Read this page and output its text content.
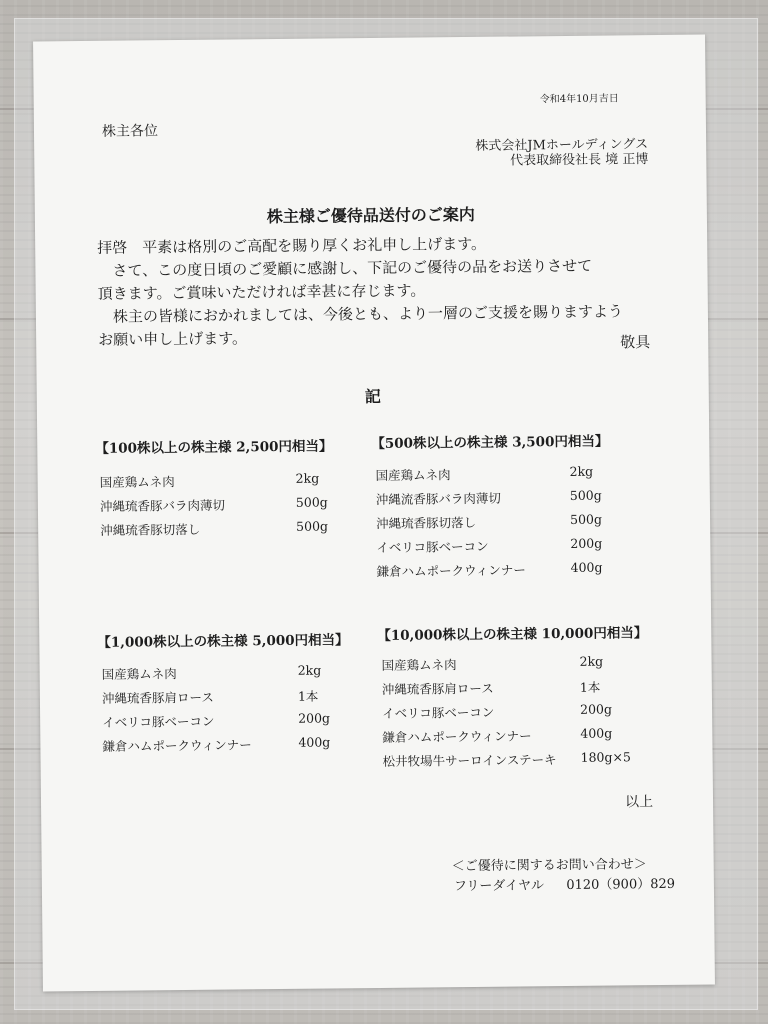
令和4年10月吉日
株主各位
株式会社JMホールディングス
代表取締役社長 境 正博
株主様ご優待品送付のご案内
拝啓　平素は格別のご高配を賜り厚くお礼申し上げます。
　さて、この度日頃のご愛顧に感謝し、下記のご優待の品をお送りさせて
頂きます。ご賞味いただければ幸甚に存じます。
　株主の皆様におかれましては、今後とも、より一層のご支援を賜りますよう
お願い申し上げます。	敬具
記
【100株以上の株主様 2,500円相当】
国産鶏ムネ肉	2kg
沖縄琉香豚バラ肉薄切	500g
沖縄琉香豚切落し	500g
【500株以上の株主様 3,500円相当】
国産鶏ムネ肉	2kg
沖縄流香豚バラ肉薄切	500g
沖縄琉香豚切落し	500g
イベリコ豚ベーコン	200g
鎌倉ハムポークウィンナー	400g
【1,000株以上の株主様 5,000円相当】
国産鶏ムネ肉	2kg
沖縄琉香豚肩ロース	1本
イベリコ豚ベーコン	200g
鎌倉ハムポークウィンナー	400g
【10,000株以上の株主様 10,000円相当】
国産鶏ムネ肉	2kg
沖縄琉香豚肩ロース	1本
イベリコ豚ベーコン	200g
鎌倉ハムポークウィンナー	400g
松井牧場牛サーロインステーキ 180g×5
以上
＜ご優待に関するお問い合わせ＞
フリーダイヤル 0120（900）829
